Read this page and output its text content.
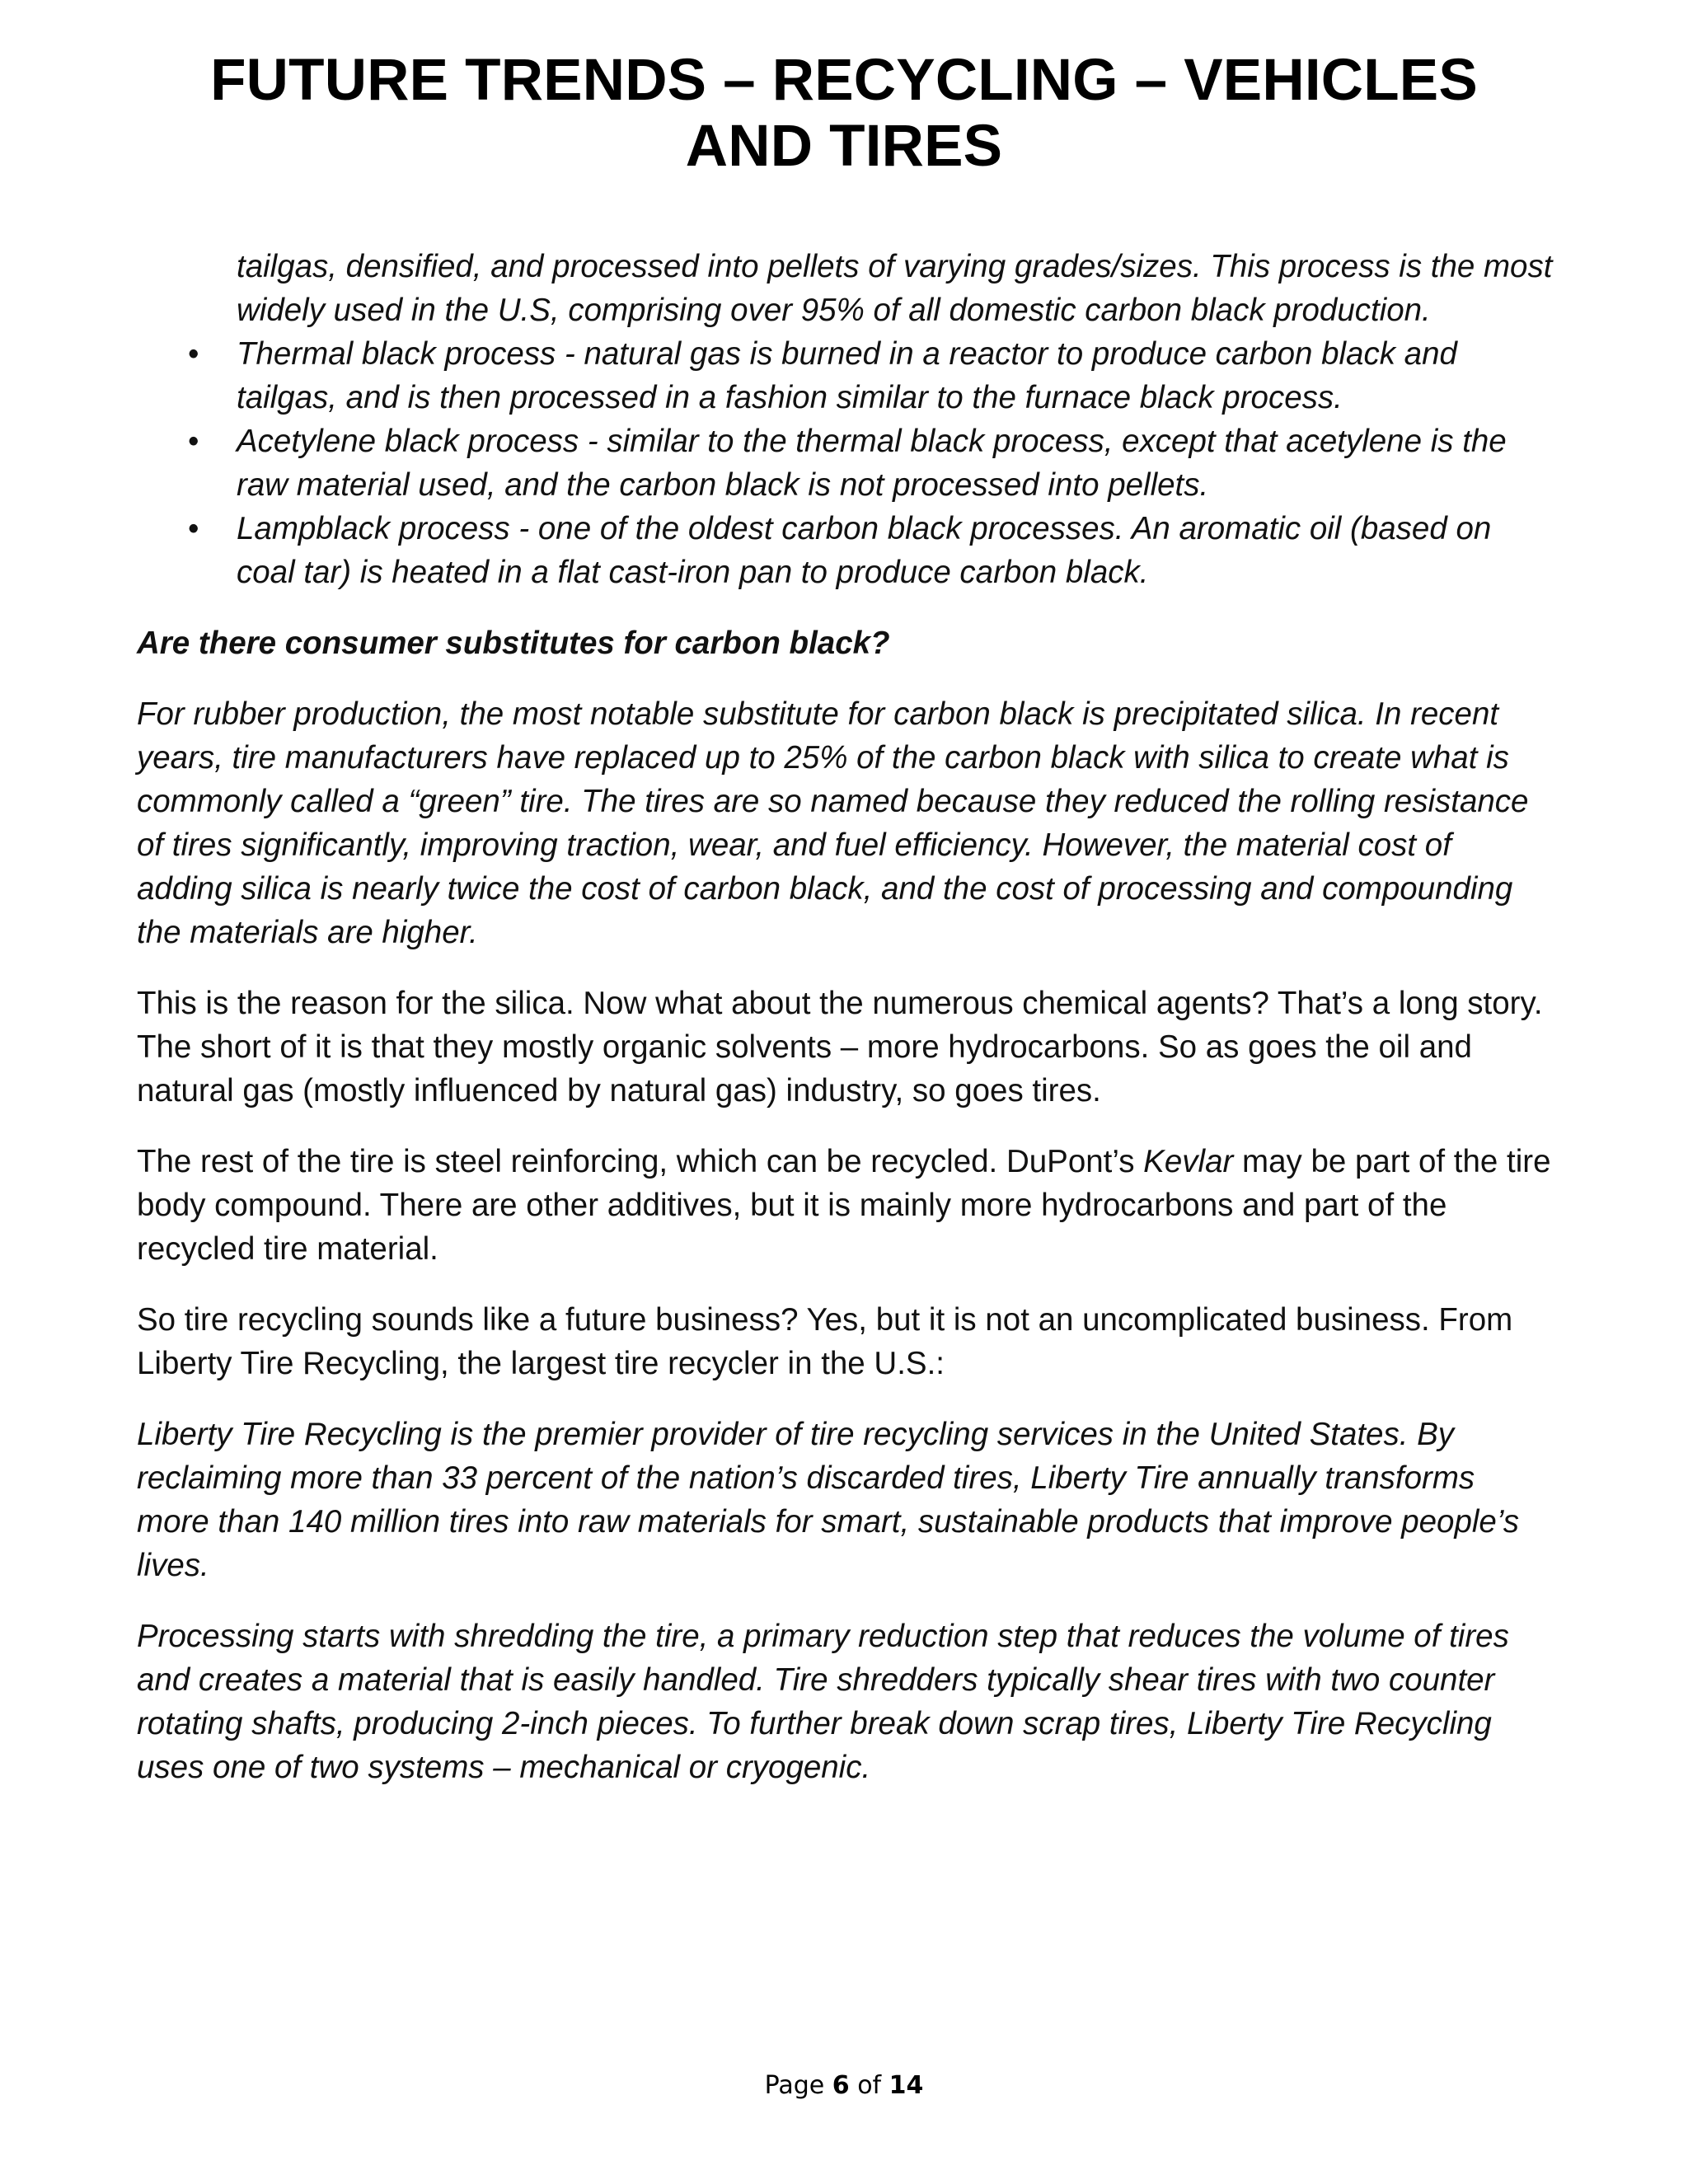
FUTURE TRENDS – RECYCLING – VEHICLES AND TIRES

tailgas, densified, and processed into pellets of varying grades/sizes. This process is the most widely used in the U.S, comprising over 95% of all domestic carbon black production.

• Thermal black process - natural gas is burned in a reactor to produce carbon black and tailgas, and is then processed in a fashion similar to the furnace black process.
• Acetylene black process - similar to the thermal black process, except that acetylene is the raw material used, and the carbon black is not processed into pellets.
• Lampblack process - one of the oldest carbon black processes. An aromatic oil (based on coal tar) is heated in a flat cast-iron pan to produce carbon black.

Are there consumer substitutes for carbon black?

For rubber production, the most notable substitute for carbon black is precipitated silica. In recent years, tire manufacturers have replaced up to 25% of the carbon black with silica to create what is commonly called a “green” tire. The tires are so named because they reduced the rolling resistance of tires significantly, improving traction, wear, and fuel efficiency. However, the material cost of adding silica is nearly twice the cost of carbon black, and the cost of processing and compounding the materials are higher.

This is the reason for the silica. Now what about the numerous chemical agents? That’s a long story. The short of it is that they mostly organic solvents – more hydrocarbons. So as goes the oil and natural gas (mostly influenced by natural gas) industry, so goes tires.

The rest of the tire is steel reinforcing, which can be recycled. DuPont’s Kevlar may be part of the tire body compound. There are other additives, but it is mainly more hydrocarbons and part of the recycled tire material.

So tire recycling sounds like a future business? Yes, but it is not an uncomplicated business. From Liberty Tire Recycling, the largest tire recycler in the U.S.:

Liberty Tire Recycling is the premier provider of tire recycling services in the United States. By reclaiming more than 33 percent of the nation’s discarded tires, Liberty Tire annually transforms more than 140 million tires into raw materials for smart, sustainable products that improve people’s lives.

Processing starts with shredding the tire, a primary reduction step that reduces the volume of tires and creates a material that is easily handled. Tire shredders typically shear tires with two counter rotating shafts, producing 2-inch pieces. To further break down scrap tires, Liberty Tire Recycling uses one of two systems – mechanical or cryogenic.

Page 6 of 14
